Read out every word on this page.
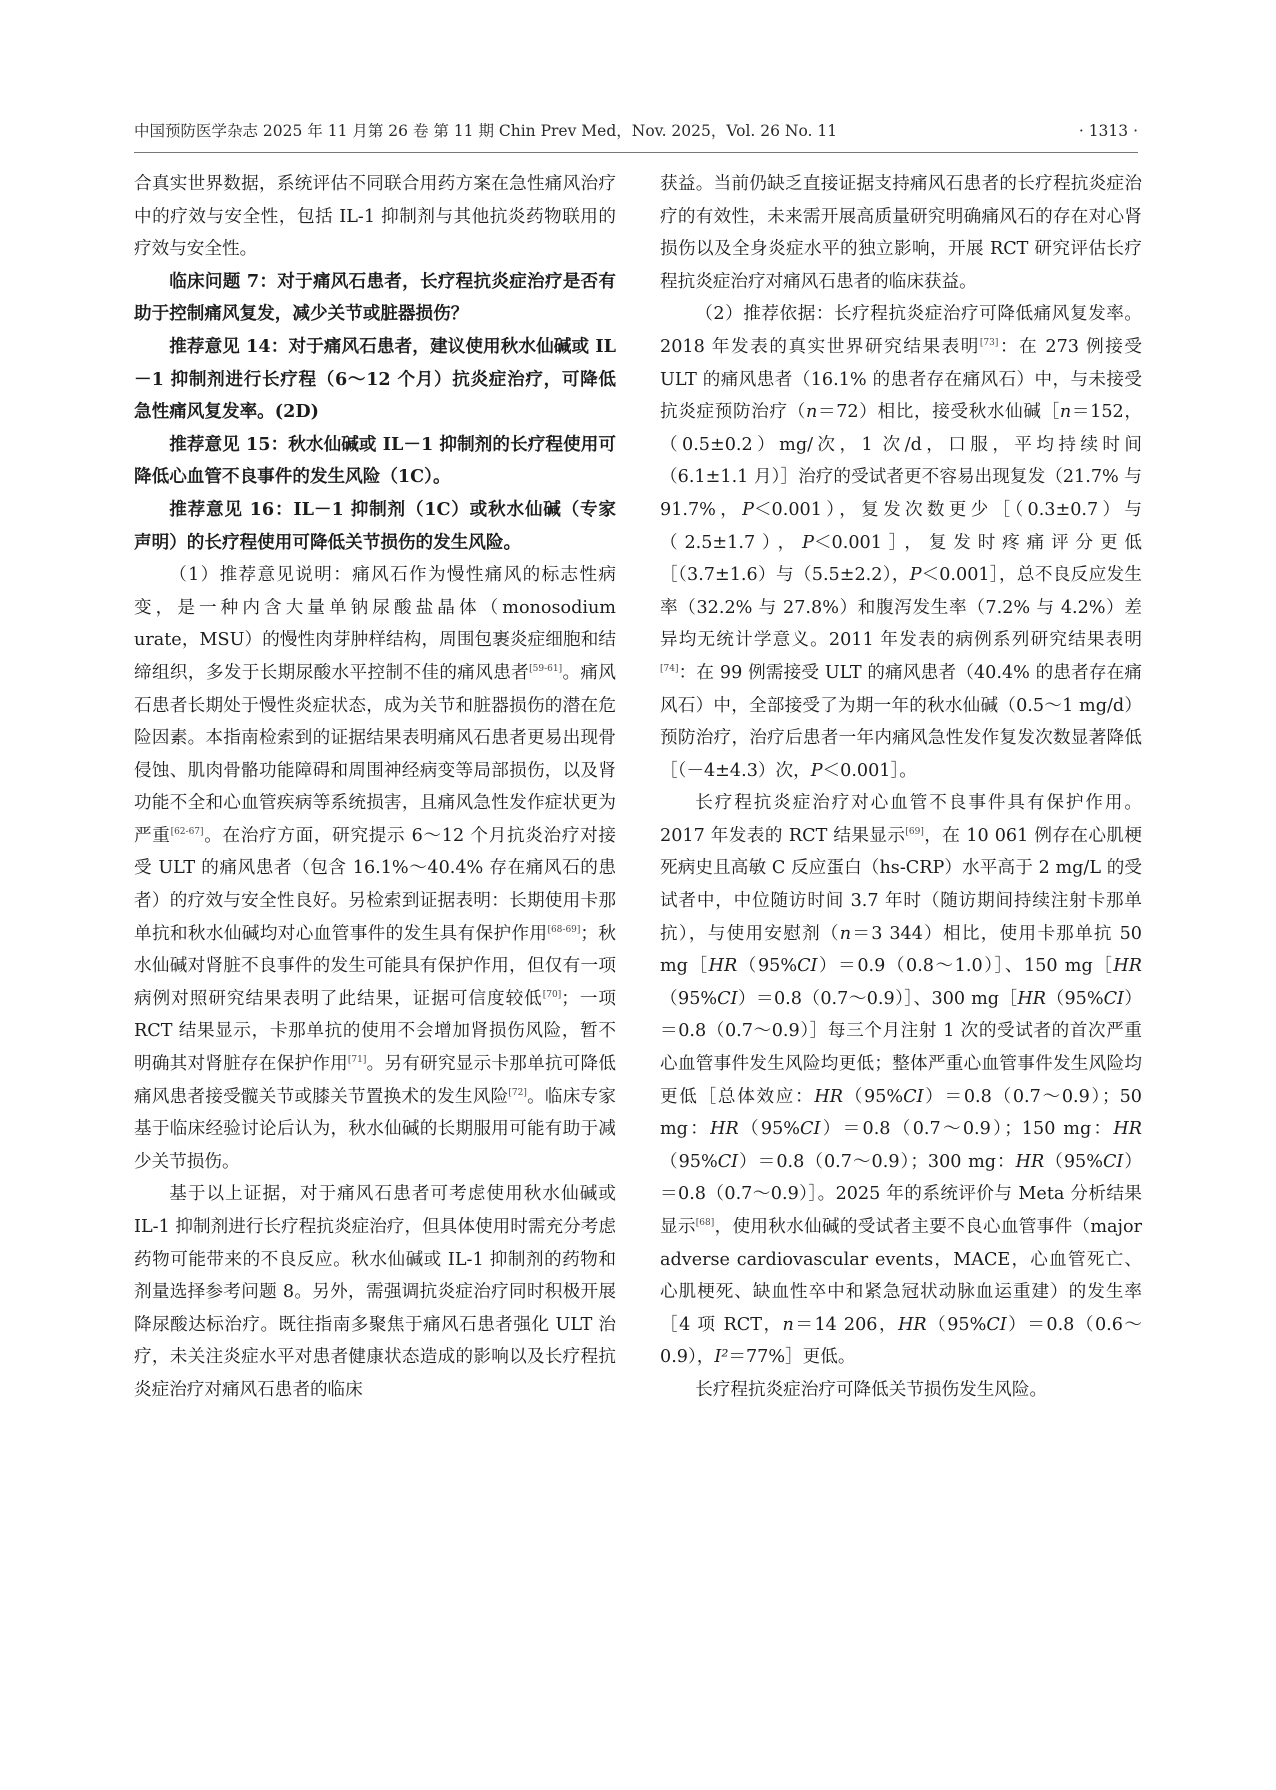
中国预防医学杂志 2025 年 11 月第 26 卷 第 11 期 Chin Prev Med，Nov. 2025，Vol. 26 No. 11	· 1313 ·

合真实世界数据，系统评估不同联合用药方案在急性痛风治疗中的疗效与安全性，包括 IL-1 抑制剂与其他抗炎药物联用的疗效与安全性。

临床问题 7：对于痛风石患者，长疗程抗炎症治疗是否有助于控制痛风复发，减少关节或脏器损伤？

推荐意见 14：对于痛风石患者，建议使用秋水仙碱或 IL－1 抑制剂进行长疗程（6～12 个月）抗炎症治疗，可降低急性痛风复发率。(2D)

推荐意见 15：秋水仙碱或 IL－1 抑制剂的长疗程使用可降低心血管不良事件的发生风险（1C）。

推荐意见 16：IL－1 抑制剂（1C）或秋水仙碱（专家声明）的长疗程使用可降低关节损伤的发生风险。

（1）推荐意见说明：痛风石作为慢性痛风的标志性病变，是一种内含大量单钠尿酸盐晶体（monosodium urate，MSU）的慢性肉芽肿样结构，周围包裹炎症细胞和结缔组织，多发于长期尿酸水平控制不佳的痛风患者[59-61]。痛风石患者长期处于慢性炎症状态，成为关节和脏器损伤的潜在危险因素。本指南检索到的证据结果表明痛风石患者更易出现骨侵蚀、肌肉骨骼功能障碍和周围神经病变等局部损伤，以及肾功能不全和心血管疾病等系统损害，且痛风急性发作症状更为严重[62-67]。在治疗方面，研究提示 6～12 个月抗炎治疗对接受 ULT 的痛风患者（包含 16.1%～40.4% 存在痛风石的患者）的疗效与安全性良好。另检索到证据表明：长期使用卡那单抗和秋水仙碱均对心血管事件的发生具有保护作用[68-69]；秋水仙碱对肾脏不良事件的发生可能具有保护作用，但仅有一项病例对照研究结果表明了此结果，证据可信度较低[70]；一项 RCT 结果显示，卡那单抗的使用不会增加肾损伤风险，暂不明确其对肾脏存在保护作用[71]。另有研究显示卡那单抗可降低痛风患者接受髋关节或膝关节置换术的发生风险[72]。临床专家基于临床经验讨论后认为，秋水仙碱的长期服用可能有助于减少关节损伤。

基于以上证据，对于痛风石患者可考虑使用秋水仙碱或 IL-1 抑制剂进行长疗程抗炎症治疗，但具体使用时需充分考虑药物可能带来的不良反应。秋水仙碱或 IL-1 抑制剂的药物和剂量选择参考问题 8。另外，需强调抗炎症治疗同时积极开展降尿酸达标治疗。既往指南多聚焦于痛风石患者强化 ULT 治疗，未关注炎症水平对患者健康状态造成的影响以及长疗程抗炎症治疗对痛风石患者的临床

获益。当前仍缺乏直接证据支持痛风石患者的长疗程抗炎症治疗的有效性，未来需开展高质量研究明确痛风石的存在对心肾损伤以及全身炎症水平的独立影响，开展 RCT 研究评估长疗程抗炎症治疗对痛风石患者的临床获益。

（2）推荐依据：长疗程抗炎症治疗可降低痛风复发率。2018 年发表的真实世界研究结果表明[73]：在 273 例接受 ULT 的痛风患者（16.1% 的患者存在痛风石）中，与未接受抗炎症预防治疗（n＝72）相比，接受秋水仙碱［n＝152，（0.5±0.2）mg/次，1 次/d，口服，平均持续时间（6.1±1.1 月）］治疗的受试者更不容易出现复发（21.7% 与 91.7%，P＜0.001），复发次数更少［（0.3±0.7）与（2.5±1.7），P＜0.001］，复发时疼痛评分更低［（3.7±1.6）与（5.5±2.2），P＜0.001］，总不良反应发生率（32.2% 与 27.8%）和腹泻发生率（7.2% 与 4.2%）差异均无统计学意义。2011 年发表的病例系列研究结果表明[74]：在 99 例需接受 ULT 的痛风患者（40.4% 的患者存在痛风石）中，全部接受了为期一年的秋水仙碱（0.5～1 mg/d）预防治疗，治疗后患者一年内痛风急性发作复发次数显著降低［（－4±4.3）次，P＜0.001］。

长疗程抗炎症治疗对心血管不良事件具有保护作用。2017 年发表的 RCT 结果显示[69]，在 10 061 例存在心肌梗死病史且高敏 C 反应蛋白（hs-CRP）水平高于 2 mg/L 的受试者中，中位随访时间 3.7 年时（随访期间持续注射卡那单抗），与使用安慰剂（n＝3 344）相比，使用卡那单抗 50 mg［HR（95%CI）＝0.9（0.8～1.0）］、150 mg［HR（95%CI）＝0.8（0.7～0.9）］、300 mg［HR（95%CI）＝0.8（0.7～0.9）］每三个月注射 1 次的受试者的首次严重心血管事件发生风险均更低；整体严重心血管事件发生风险均更低［总体效应：HR（95%CI）＝0.8（0.7～0.9）；50 mg：HR（95%CI）＝0.8（0.7～0.9）；150 mg：HR（95%CI）＝0.8（0.7～0.9）；300 mg：HR（95%CI）＝0.8（0.7～0.9）］。2025 年的系统评价与 Meta 分析结果显示[68]，使用秋水仙碱的受试者主要不良心血管事件（major adverse cardiovascular events，MACE，心血管死亡、心肌梗死、缺血性卒中和紧急冠状动脉血运重建）的发生率［4 项 RCT，n＝14 206，HR（95%CI）＝0.8（0.6～0.9），I²＝77%］更低。

长疗程抗炎症治疗可降低关节损伤发生风险。
